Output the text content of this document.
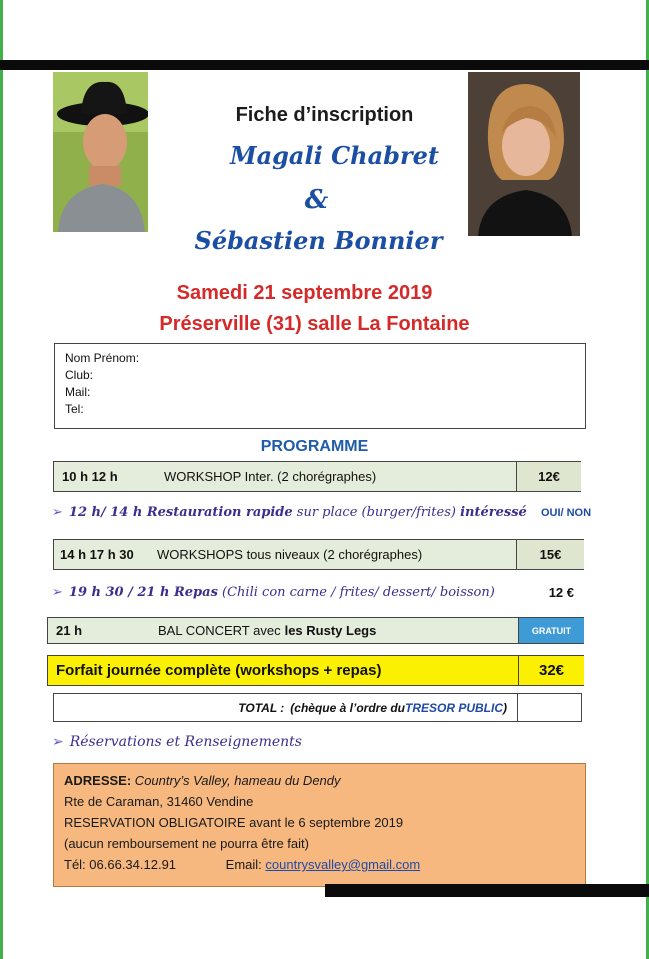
Fiche d’inscription
Magali Chabret
&
Sébastien Bonnier
Samedi 21 septembre 2019
Préserville (31) salle La Fontaine
Nom Prénom:
Club:
Mail:
Tel:
PROGRAMME
10 h 12 h	WORKSHOP Inter. (2 chorégraphes)	12€
➢ 12 h/ 14 h Restauration rapide sur place (burger/frites) intéressé OUI/ NON
14 h 17 h 30 WORKSHOPS tous niveaux (2 chorégraphes)	15€
➢ 19 h 30 / 21 h Repas (Chili con carne / frites/ dessert/ boisson)	12 €
21 h	BAL CONCERT avec les Rusty Legs	GRATUIT
Forfait journée complète (workshops + repas)	32€
TOTAL : (chèque à l’ordre du TRESOR PUBLIC )
➢ Réservations et Renseignements
ADRESSE: Country’s Valley, hameau du Dendy
Rte de Caraman, 31460 Vendine
RESERVATION OBLIGATOIRE avant le 6 septembre 2019
(aucun remboursement ne pourra être fait)
Tél: 06.66.34.12.91	Email: countrysvalley@gmail.com
